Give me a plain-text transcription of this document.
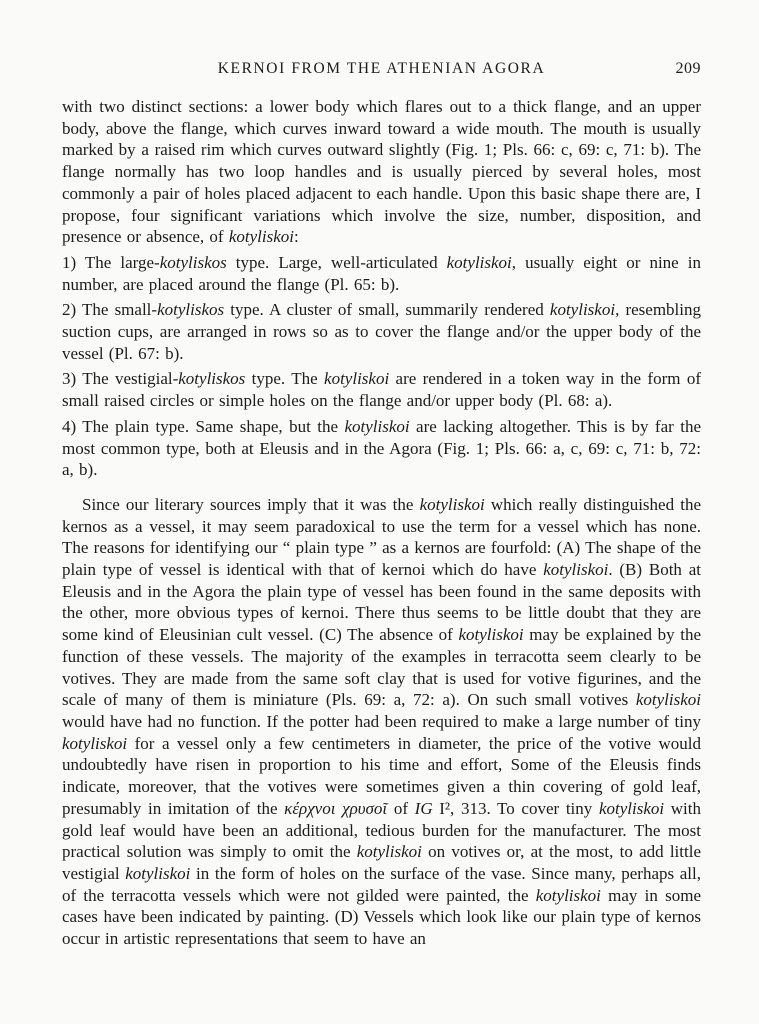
KERNOI FROM THE ATHENIAN AGORA	209

with two distinct sections: a lower body which flares out to a thick flange, and an upper body, above the flange, which curves inward toward a wide mouth. The mouth is usually marked by a raised rim which curves outward slightly (Fig. 1; Pls. 66: c, 69: c, 71: b). The flange normally has two loop handles and is usually pierced by several holes, most commonly a pair of holes placed adjacent to each handle. Upon this basic shape there are, I propose, four significant variations which involve the size, number, disposition, and presence or absence, of kotyliskoi:

1) The large-kotyliskos type. Large, well-articulated kotyliskoi, usually eight or nine in number, are placed around the flange (Pl. 65: b).

2) The small-kotyliskos type. A cluster of small, summarily rendered kotyliskoi, resembling suction cups, are arranged in rows so as to cover the flange and/or the upper body of the vessel (Pl. 67: b).

3) The vestigial-kotyliskos type. The kotyliskoi are rendered in a token way in the form of small raised circles or simple holes on the flange and/or upper body (Pl. 68: a).

4) The plain type. Same shape, but the kotyliskoi are lacking altogether. This is by far the most common type, both at Eleusis and in the Agora (Fig. 1; Pls. 66: a, c, 69: c, 71: b, 72: a, b).

Since our literary sources imply that it was the kotyliskoi which really distinguished the kernos as a vessel, it may seem paradoxical to use the term for a vessel which has none. The reasons for identifying our “ plain type ” as a kernos are fourfold: (A) The shape of the plain type of vessel is identical with that of kernoi which do have kotyliskoi. (B) Both at Eleusis and in the Agora the plain type of vessel has been found in the same deposits with the other, more obvious types of kernoi. There thus seems to be little doubt that they are some kind of Eleusinian cult vessel. (C) The absence of kotyliskoi may be explained by the function of these vessels. The majority of the examples in terracotta seem clearly to be votives. They are made from the same soft clay that is used for votive figurines, and the scale of many of them is miniature (Pls. 69: a, 72: a). On such small votives kotyliskoi would have had no function. If the potter had been required to make a large number of tiny kotyliskoi for a vessel only a few centimeters in diameter, the price of the votive would undoubtedly have risen in proportion to his time and effort, Some of the Eleusis finds indicate, moreover, that the votives were sometimes given a thin covering of gold leaf, presumably in imitation of the κέρχνοι χρυσοῖ of IG I², 313. To cover tiny kotyliskoi with gold leaf would have been an additional, tedious burden for the manufacturer. The most practical solution was simply to omit the kotyliskoi on votives or, at the most, to add little vestigial kotyliskoi in the form of holes on the surface of the vase. Since many, perhaps all, of the terracotta vessels which were not gilded were painted, the kotyliskoi may in some cases have been indicated by painting. (D) Vessels which look like our plain type of kernos occur in artistic representations that seem to have an
